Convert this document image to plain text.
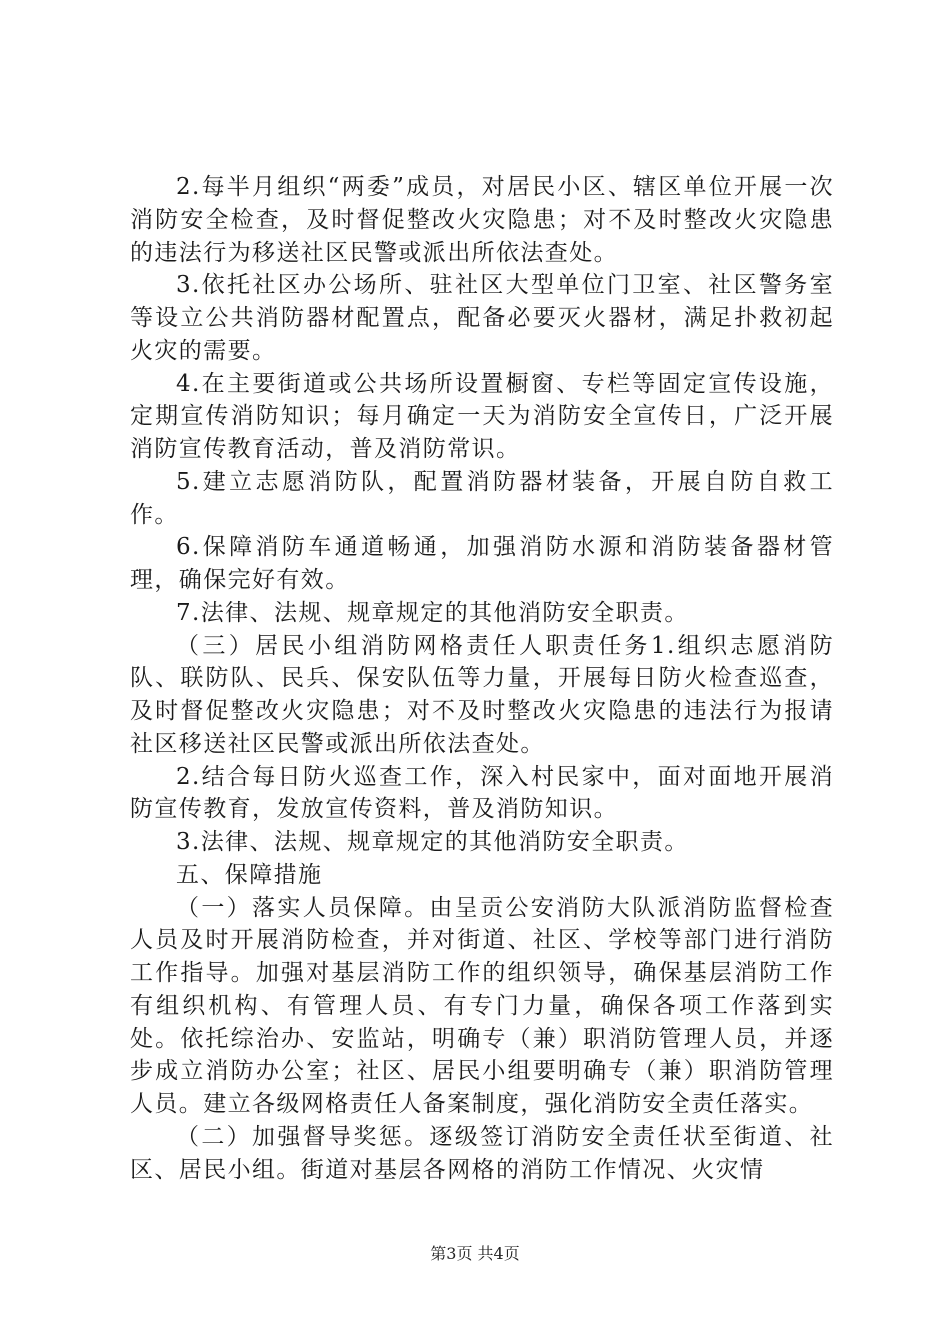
2.每半月组织“两委”成员，对居民小区、辖区单位开展一次消防安全检查，及时督促整改火灾隐患；对不及时整改火灾隐患的违法行为移送社区民警或派出所依法查处。

3.依托社区办公场所、驻社区大型单位门卫室、社区警务室等设立公共消防器材配置点，配备必要灭火器材，满足扑救初起火灾的需要。

4.在主要街道或公共场所设置橱窗、专栏等固定宣传设施，定期宣传消防知识；每月确定一天为消防安全宣传日，广泛开展消防宣传教育活动，普及消防常识。

5.建立志愿消防队，配置消防器材装备，开展自防自救工作。

6.保障消防车通道畅通，加强消防水源和消防装备器材管理，确保完好有效。

7.法律、法规、规章规定的其他消防安全职责。

（三）居民小组消防网格责任人职责任务1.组织志愿消防队、联防队、民兵、保安队伍等力量，开展每日防火检查巡查，及时督促整改火灾隐患；对不及时整改火灾隐患的违法行为报请社区移送社区民警或派出所依法查处。

2.结合每日防火巡查工作，深入村民家中，面对面地开展消防宣传教育，发放宣传资料，普及消防知识。

3.法律、法规、规章规定的其他消防安全职责。

五、保障措施

（一）落实人员保障。由呈贡公安消防大队派消防监督检查人员及时开展消防检查，并对街道、社区、学校等部门进行消防工作指导。加强对基层消防工作的组织领导，确保基层消防工作有组织机构、有管理人员、有专门力量，确保各项工作落到实处。依托综治办、安监站，明确专（兼）职消防管理人员，并逐步成立消防办公室；社区、居民小组要明确专（兼）职消防管理人员。建立各级网格责任人备案制度，强化消防安全责任落实。

（二）加强督导奖惩。逐级签订消防安全责任状至街道、社区、居民小组。街道对基层各网格的消防工作情况、火灾情

第3页 共4页
